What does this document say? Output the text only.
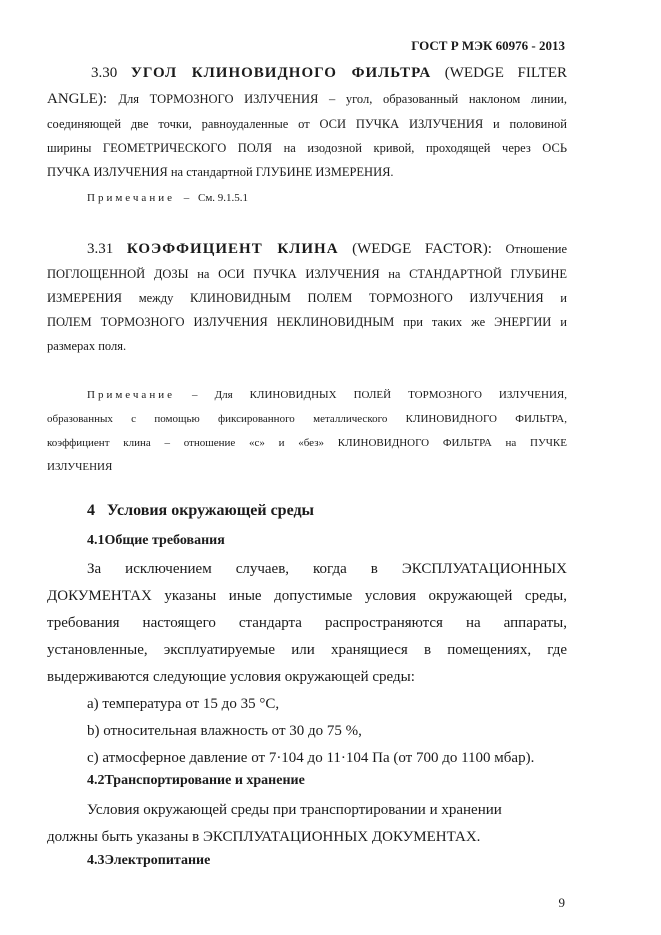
ГОСТ Р МЭК 60976 - 2013
3.30 УГОЛ КЛИНОВИДНОГО ФИЛЬТРА (WEDGE FILTER
ANGLE): Для ТОРМОЗНОГО ИЗЛУЧЕНИЯ – угол, образованный наклоном линии,
соединяющей две точки, равноудаленные от ОСИ ПУЧКА ИЗЛУЧЕНИЯ и половиной
ширины ГЕОМЕТРИЧЕСКОГО ПОЛЯ на изодозной кривой, проходящей через ОСЬ
ПУЧКА ИЗЛУЧЕНИЯ на стандартной ГЛУБИНЕ ИЗМЕРЕНИЯ.
Примечание – См. 9.1.5.1
3.31 КОЭФФИЦИЕНТ КЛИНА (WEDGE FACTOR): Отношение
ПОГЛОЩЕННОЙ ДОЗЫ на ОСИ ПУЧКА ИЗЛУЧЕНИЯ на СТАНДАРТНОЙ ГЛУБИНЕ
ИЗМЕРЕНИЯ между КЛИНОВИДНЫМ ПОЛЕМ ТОРМОЗНОГО ИЗЛУЧЕНИЯ и
ПОЛЕМ ТОРМОЗНОГО ИЗЛУЧЕНИЯ НЕКЛИНОВИДНЫМ при таких же ЭНЕРГИИ и
размерах поля.
Примечание – Для КЛИНОВИДНЫХ ПОЛЕЙ ТОРМОЗНОГО ИЗЛУЧЕНИЯ,
образованных с помощью фиксированного металлического КЛИНОВИДНОГО ФИЛЬТРА,
коэффициент клина – отношение «с» и «без» КЛИНОВИДНОГО ФИЛЬТРА на ПУЧКЕ
ИЗЛУЧЕНИЯ
4   Условия окружающей среды
4.1Общие требования
За исключением случаев, когда в ЭКСПЛУАТАЦИОННЫХ
ДОКУМЕНТАХ указаны иные допустимые условия окружающей среды,
требования настоящего стандарта распространяются на аппараты,
установленные, эксплуатируемые или хранящиеся в помещениях, где
выдерживаются следующие условия окружающей среды:
a) температура от 15 до 35 °C,
b) относительная влажность от 30 до 75 %,
c) атмосферное давление от 7·104 до 11·104 Па (от 700 до 1100 мбар).
4.2Транспортирование и хранение
Условия окружающей среды при транспортировании и хранении
должны быть указаны в ЭКСПЛУАТАЦИОННЫХ ДОКУМЕНТАХ.
4.3Электропитание
9
